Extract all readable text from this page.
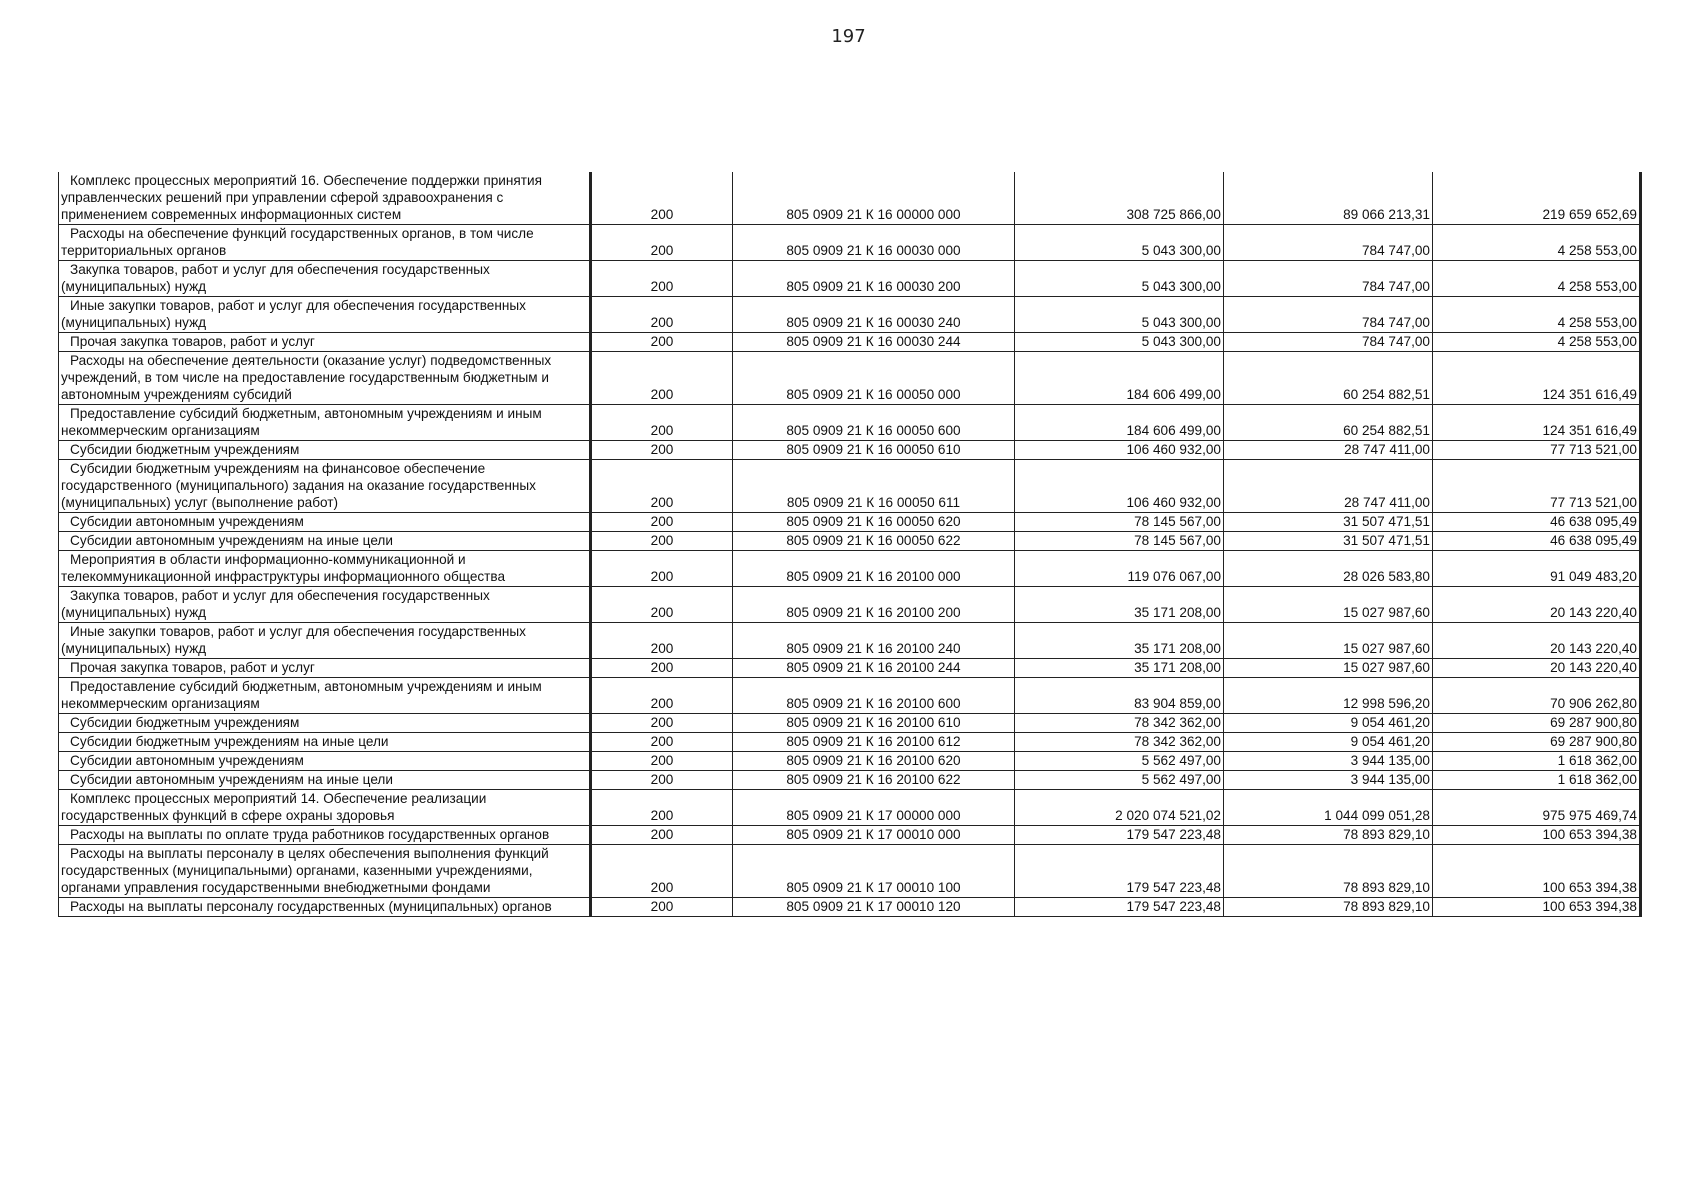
197
Комплекс процессных мероприятий 16. Обеспечение поддержки принятия управленческих решений при управлении сферой здравоохранения с применением современных информационных систем	200	805 0909 21 К 16 00000 000	308 725 866,00	89 066 213,31	219 659 652,69
Расходы на обеспечение функций государственных органов, в том числе территориальных органов	200	805 0909 21 К 16 00030 000	5 043 300,00	784 747,00	4 258 553,00
Закупка товаров, работ и услуг для обеспечения государственных (муниципальных) нужд	200	805 0909 21 К 16 00030 200	5 043 300,00	784 747,00	4 258 553,00
Иные закупки товаров, работ и услуг для обеспечения государственных (муниципальных) нужд	200	805 0909 21 К 16 00030 240	5 043 300,00	784 747,00	4 258 553,00
Прочая закупка товаров, работ и услуг	200	805 0909 21 К 16 00030 244	5 043 300,00	784 747,00	4 258 553,00
Расходы на обеспечение деятельности (оказание услуг) подведомственных учреждений, в том числе на предоставление государственным бюджетным и автономным учреждениям субсидий	200	805 0909 21 К 16 00050 000	184 606 499,00	60 254 882,51	124 351 616,49
Предоставление субсидий бюджетным, автономным учреждениям и иным некоммерческим организациям	200	805 0909 21 К 16 00050 600	184 606 499,00	60 254 882,51	124 351 616,49
Субсидии бюджетным учреждениям	200	805 0909 21 К 16 00050 610	106 460 932,00	28 747 411,00	77 713 521,00
Субсидии бюджетным учреждениям на финансовое обеспечение государственного (муниципального) задания на оказание государственных (муниципальных) услуг (выполнение работ)	200	805 0909 21 К 16 00050 611	106 460 932,00	28 747 411,00	77 713 521,00
Субсидии автономным учреждениям	200	805 0909 21 К 16 00050 620	78 145 567,00	31 507 471,51	46 638 095,49
Субсидии автономным учреждениям на иные цели	200	805 0909 21 К 16 00050 622	78 145 567,00	31 507 471,51	46 638 095,49
Мероприятия в области информационно-коммуникационной и телекоммуникационной инфраструктуры информационного общества	200	805 0909 21 К 16 20100 000	119 076 067,00	28 026 583,80	91 049 483,20
Закупка товаров, работ и услуг для обеспечения государственных (муниципальных) нужд	200	805 0909 21 К 16 20100 200	35 171 208,00	15 027 987,60	20 143 220,40
Иные закупки товаров, работ и услуг для обеспечения государственных (муниципальных) нужд	200	805 0909 21 К 16 20100 240	35 171 208,00	15 027 987,60	20 143 220,40
Прочая закупка товаров, работ и услуг	200	805 0909 21 К 16 20100 244	35 171 208,00	15 027 987,60	20 143 220,40
Предоставление субсидий бюджетным, автономным учреждениям и иным некоммерческим организациям	200	805 0909 21 К 16 20100 600	83 904 859,00	12 998 596,20	70 906 262,80
Субсидии бюджетным учреждениям	200	805 0909 21 К 16 20100 610	78 342 362,00	9 054 461,20	69 287 900,80
Субсидии бюджетным учреждениям на иные цели	200	805 0909 21 К 16 20100 612	78 342 362,00	9 054 461,20	69 287 900,80
Субсидии автономным учреждениям	200	805 0909 21 К 16 20100 620	5 562 497,00	3 944 135,00	1 618 362,00
Субсидии автономным учреждениям на иные цели	200	805 0909 21 К 16 20100 622	5 562 497,00	3 944 135,00	1 618 362,00
Комплекс процессных мероприятий 14. Обеспечение реализации государственных функций в сфере охраны здоровья	200	805 0909 21 К 17 00000 000	2 020 074 521,02	1 044 099 051,28	975 975 469,74
Расходы на выплаты по оплате труда работников государственных органов	200	805 0909 21 К 17 00010 000	179 547 223,48	78 893 829,10	100 653 394,38
Расходы на выплаты персоналу в целях обеспечения выполнения функций государственных (муниципальными) органами, казенными учреждениями, органами управления государственными внебюджетными фондами	200	805 0909 21 К 17 00010 100	179 547 223,48	78 893 829,10	100 653 394,38
Расходы на выплаты персоналу государственных (муниципальных) органов	200	805 0909 21 К 17 00010 120	179 547 223,48	78 893 829,10	100 653 394,38
